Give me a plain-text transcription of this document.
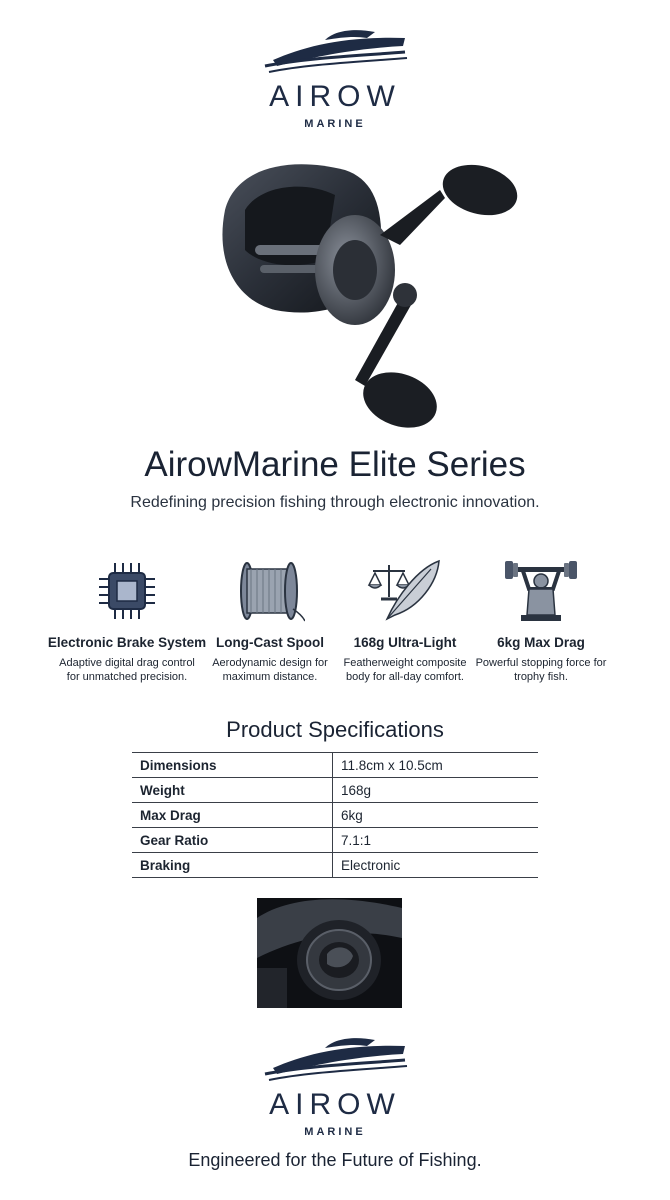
AIROW
MARINE
AirowMarine Elite Series
Redefining precision fishing through electronic innovation.
Electronic Brake System
Adaptive digital drag control for unmatched precision.
Long-Cast Spool
Aerodynamic design for maximum distance.
168g Ultra-Light
Featherweight composite body for all-day comfort.
6kg Max Drag
Powerful stopping force for trophy fish.
Product Specifications
Dimensions	11.8cm x 10.5cm
Weight	168g
Max Drag	6kg
Gear Ratio	7.1:1
Braking	Electronic
AIROW
MARINE
Engineered for the Future of Fishing.
